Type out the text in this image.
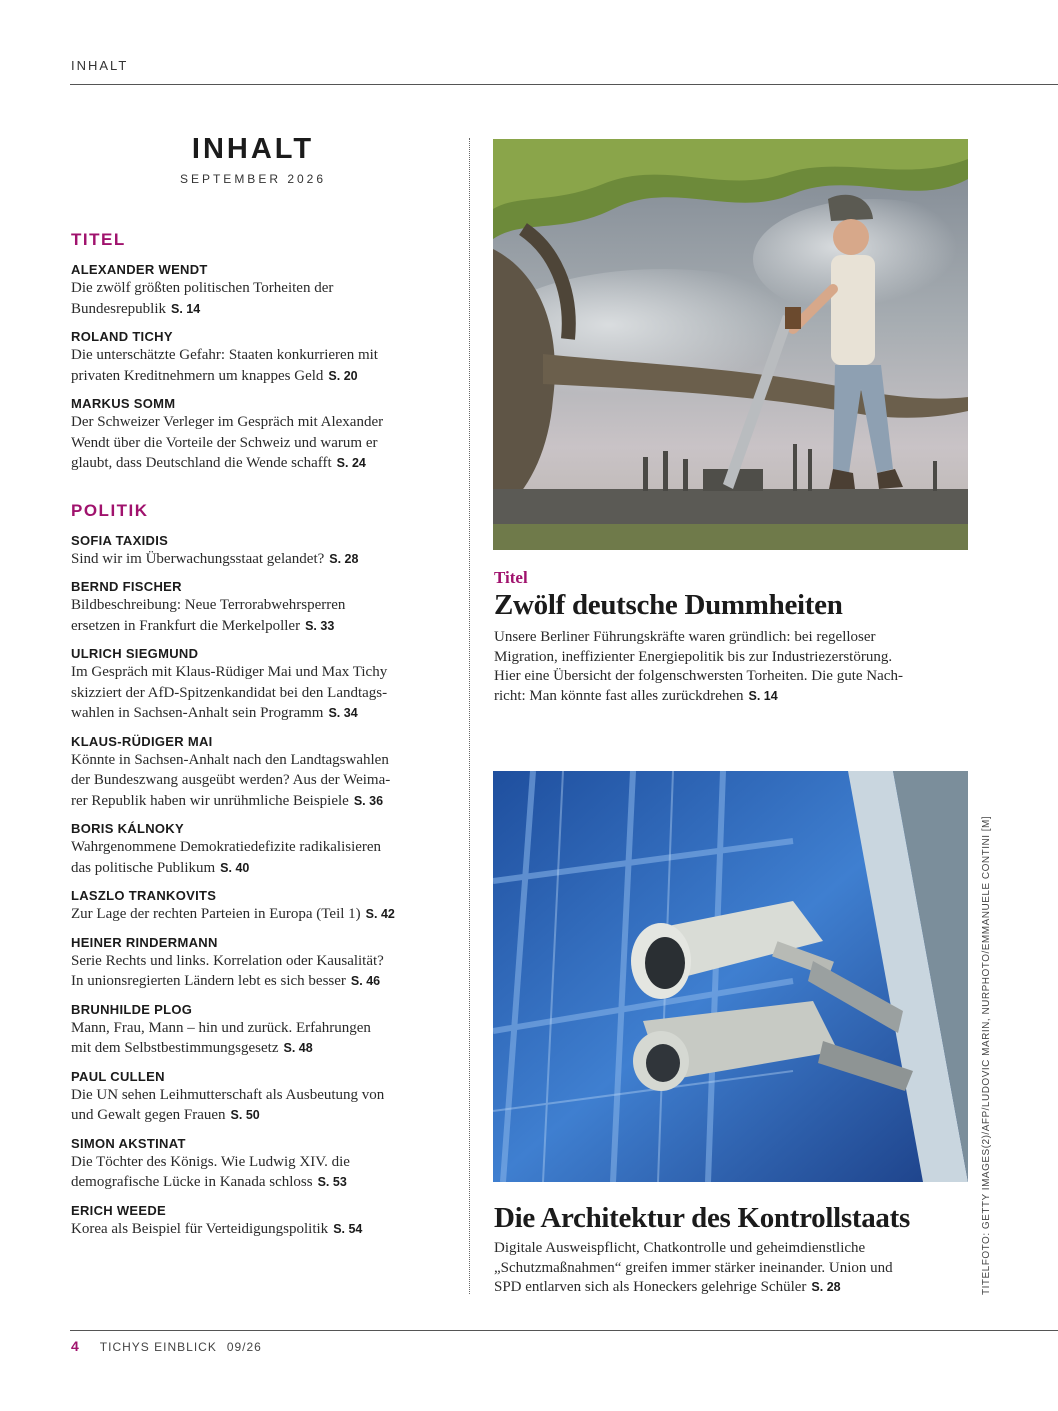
INHALT
INHALT
SEPTEMBER 2026
TITEL
ALEXANDER WENDT
Die zwölf größten politischen Torheiten der
Bundesrepublik S. 14
ROLAND TICHY
Die unterschätzte Gefahr: Staaten konkurrieren mit
privaten Kreditnehmern um knappes Geld S. 20
MARKUS SOMM
Der Schweizer Verleger im Gespräch mit Alexander
Wendt über die Vorteile der Schweiz und warum er
glaubt, dass Deutschland die Wende schafft S. 24
POLITIK
SOFIA TAXIDIS
Sind wir im Überwachungsstaat gelandet? S. 28
BERND FISCHER
Bildbeschreibung: Neue Terrorabwehrsperren
ersetzen in Frankfurt die Merkelpoller S. 33
ULRICH SIEGMUND
Im Gespräch mit Klaus-Rüdiger Mai und Max Tichy
skizziert der AfD-Spitzenkandidat bei den Landtags-
wahlen in Sachsen-Anhalt sein Programm S. 34
KLAUS-RÜDIGER MAI
Könnte in Sachsen-Anhalt nach den Landtagswahlen
der Bundeszwang ausgeübt werden? Aus der Weima-
rer Republik haben wir unrühmliche Beispiele S. 36
BORIS KÁLNOKY
Wahrgenommene Demokratiedefizite radikalisieren
das politische Publikum S. 40
LASZLO TRANKOVITS
Zur Lage der rechten Parteien in Europa (Teil 1) S. 42
HEINER RINDERMANN
Serie Rechts und links. Korrelation oder Kausalität?
In unionsregierten Ländern lebt es sich besser S. 46
BRUNHILDE PLOG
Mann, Frau, Mann – hin und zurück. Erfahrungen
mit dem Selbstbestimmungsgesetz S. 48
PAUL CULLEN
Die UN sehen Leihmutterschaft als Ausbeutung von
und Gewalt gegen Frauen S. 50
SIMON AKSTINAT
Die Töchter des Königs. Wie Ludwig XIV. die
demografische Lücke in Kanada schloss S. 53
ERICH WEEDE
Korea als Beispiel für Verteidigungspolitik S. 54
Titel
Zwölf deutsche Dummheiten
Unsere Berliner Führungskräfte waren gründlich: bei regelloser
Migration, ineffizienter Energiepolitik bis zur Industriezerstörung.
Hier eine Übersicht der folgenschwersten Torheiten. Die gute Nach-
richt: Man könnte fast alles zurückdrehen S. 14
Die Architektur des Kontrollstaats
Digitale Ausweispflicht, Chatkontrolle und geheimdienstliche
„Schutzmaßnahmen“ greifen immer stärker ineinander. Union und
SPD entlarven sich als Honeckers gelehrige Schüler S. 28	TITELFOTO: GETTY IMAGES(2)/AFP/LUDOVIC MARIN, NURPHOTO/EMMANUELE CONTINI [M]
4 TICHYS EINBLICK 09/26
